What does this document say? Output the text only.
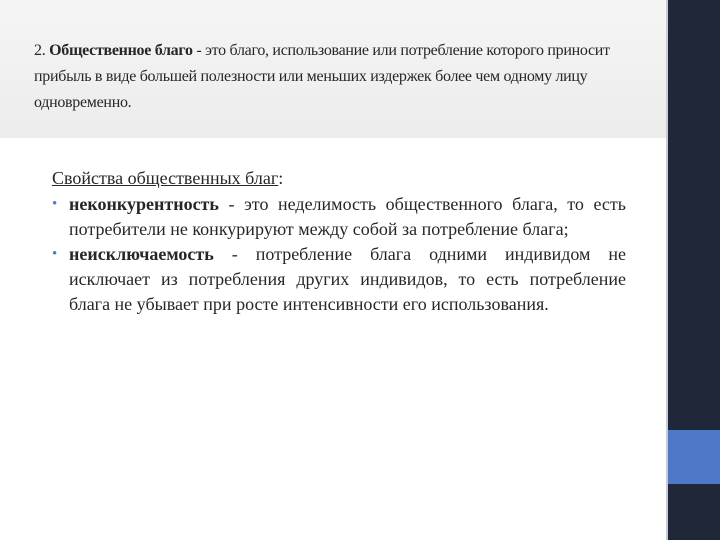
2. Общественное благо - это благо, использование или потребление которого приносит прибыль в виде большей полезности или меньших издержек более чем одному лицу одновременно.

Свойства общественных благ:

• неконкурентность - это неделимость общественного блага, то есть потребители не конкурируют между собой за потребление блага;
• неисключаемость - потребление блага одними индивидом не исключает из потребления других индивидов, то есть потребление блага не убывает при росте интенсивности его использования.
